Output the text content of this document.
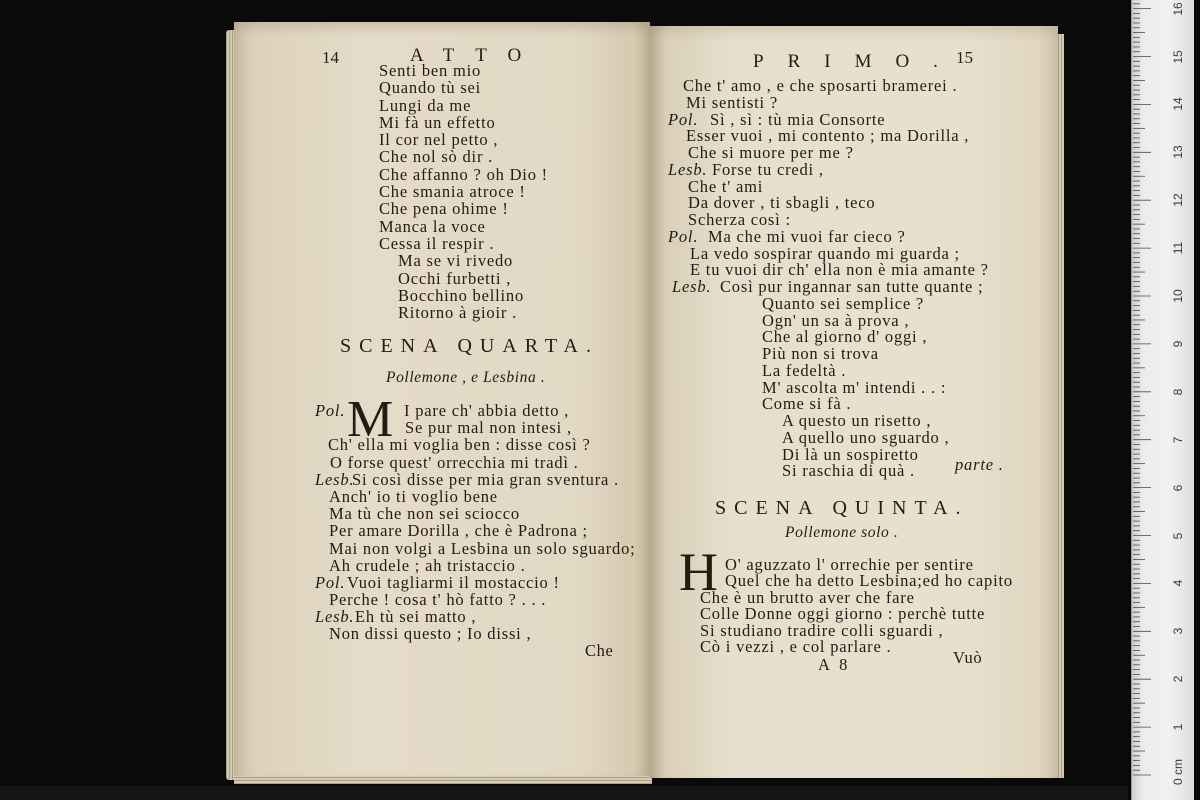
14	ATTO
Senti ben mio
Quando tù sei
Lungi da me
Mi fà un effetto
Il cor nel petto ,
Che nol sò dir .
Che affanno ? oh Dio !
Che smania atroce !
Che pena ohime !
Manca la voce
Cessa il respir .
Ma se vi rivedo
Occhi furbetti ,
Bocchino bellino
Ritorno à gioir .
SCENA QUARTA.
Pollemone , e Lesbina .
M
Pol.	I pare ch' abbia detto ,
Se pur mal non intesi ,
Ch' ella mi voglia ben : disse così ?
O forse quest' orrecchia mi tradì .
Lesb.
Si così disse per mia gran sventura .
Anch' io ti voglio bene
Ma tù che non sei sciocco
Per amare Dorilla , che è Padrona ;
Mai non volgi a Lesbina un solo sguardo;
Ah crudele ; ah tristaccio .
Pol. Vuoi tagliarmi il mostaccio !
Perche ! cosa t' hò fatto ? . . .
Lesb. Eh tù sei matto ,
Non dissi questo ; Io dissi ,
Che
PRIMO.
15
Che t' amo , e che sposarti bramerei .
Mi sentisti ?
Pol. Sì , sì : tù mia Consorte
Esser vuoi , mi contento ; ma Dorilla ,
Che si muore per me ?
Lesb. Forse tu credi ,
Che t' ami
Da dover , ti sbagli , teco
Scherza così :
Pol. Ma che mi vuoi far cieco ?
La vedo sospirar quando mi guarda ;
E tu vuoi dir ch' ella non è mia amante ?
Lesb. Così pur ingannar san tutte quante ;
Quanto sei semplice ?
Ogn' un sa à prova ,
Che al giorno d' oggi ,
Più non si trova
La fedeltà .
M' ascolta m' intendi . . :
Come si fà .
A questo un risetto ,
A quello uno sguardo ,
Di là un sospiretto
Si raschia di quà . parte .
SCENA QUINTA.
Pollemone solo .
H O' aguzzato l' orrechie per sentire
Quel che ha detto Lesbina;ed ho capito
Che è un brutto aver che fare
Colle Donne oggi giorno : perchè tutte
Si studiano tradire colli sguardi ,
Cò i vezzi , e col parlare .
A 8	Vuò
16
15
14
13
12
11
10
9
8
7
6
5
4
3
2
1
0 cm
